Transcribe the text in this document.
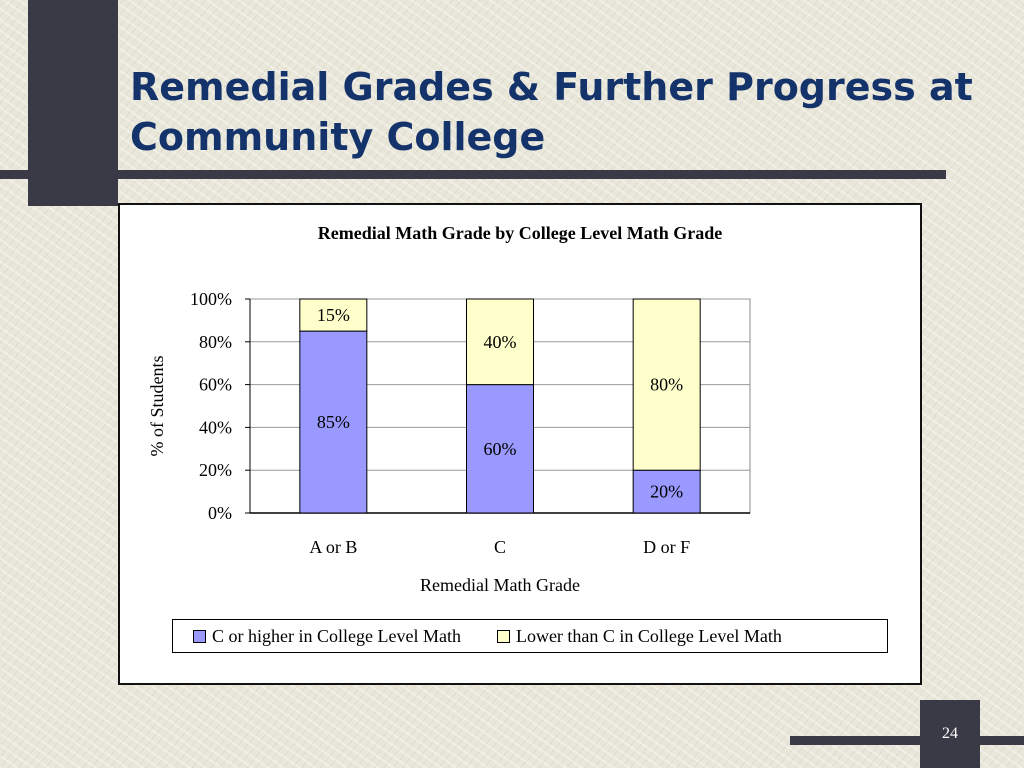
Remedial Grades & Further Progress at Community College
Remedial Math Grade by College Level Math Grade
0%
20%
40%
60%
80%
100%
85%
15%
A or B
60%
40%
C
20%
80%
D or F
Remedial Math Grade
% of Students
C or higher in College Level Math	Lower than C in College Level Math
24
